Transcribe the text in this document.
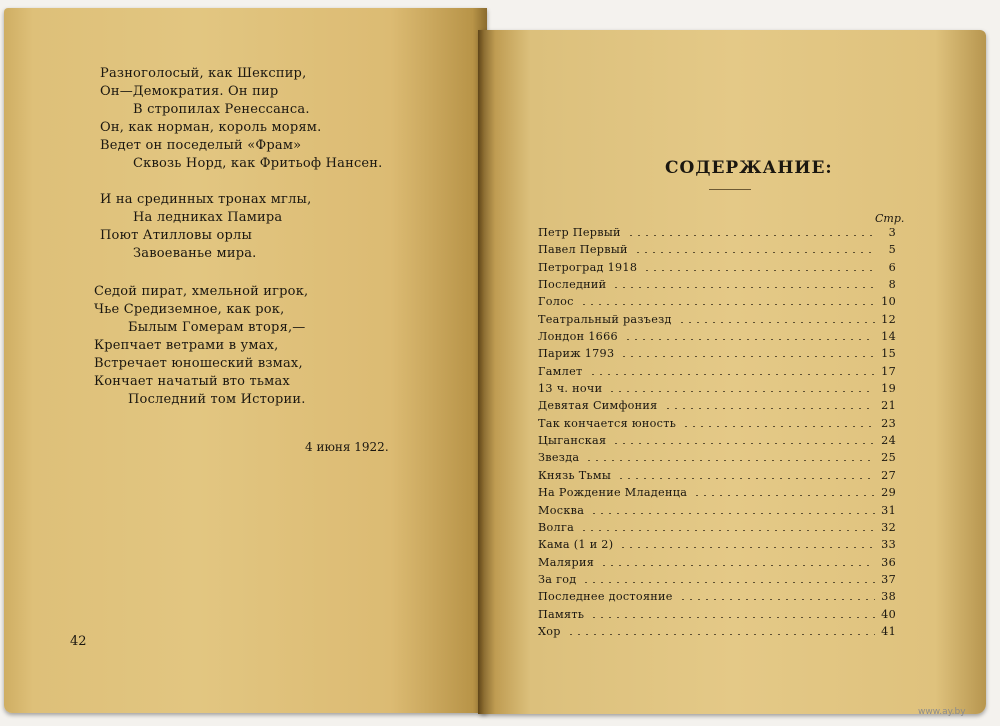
Разноголосый, как Шекспир,
Он—Демократия. Он пир
В стропилах Ренессанса.
Он, как норман, король морям.
Ведет он поседелый «Фрам»
Сквозь Норд, как Фритьоф Нансен.
И на срединных тронах мглы,
На ледниках Памира
Поют Атилловы орлы
Завоеванье мира.
Седой пират, хмельной игрок,
Чье Средиземное, как рок,
Былым Гомерам вторя,—
Крепчает ветрами в умах,
Встречает юношеский взмах,
Кончает начатый вто тьмах
Последний том Истории.
4 июня 1922.
42
СОДЕРЖАНИЕ:
Стр.
Петр Первый	3
Павел Первый	5
Петроград 1918	6
Последний	8
Голос	10
Театральный разъезд	12
Лондон 1666	14
Париж 1793	15
Гамлет	17
13 ч. ночи	19
Девятая Симфония	21
Так кончается юность	23
Цыганская	24
Звезда	25
Князь Тьмы	27
На Рождение Младенца	29
Москва	31
Волга	32
Кама (1 и 2)	33
Малярия	36
За год	37
Последнее достояние	38
Память	40
Хор	41
www.ay.by
